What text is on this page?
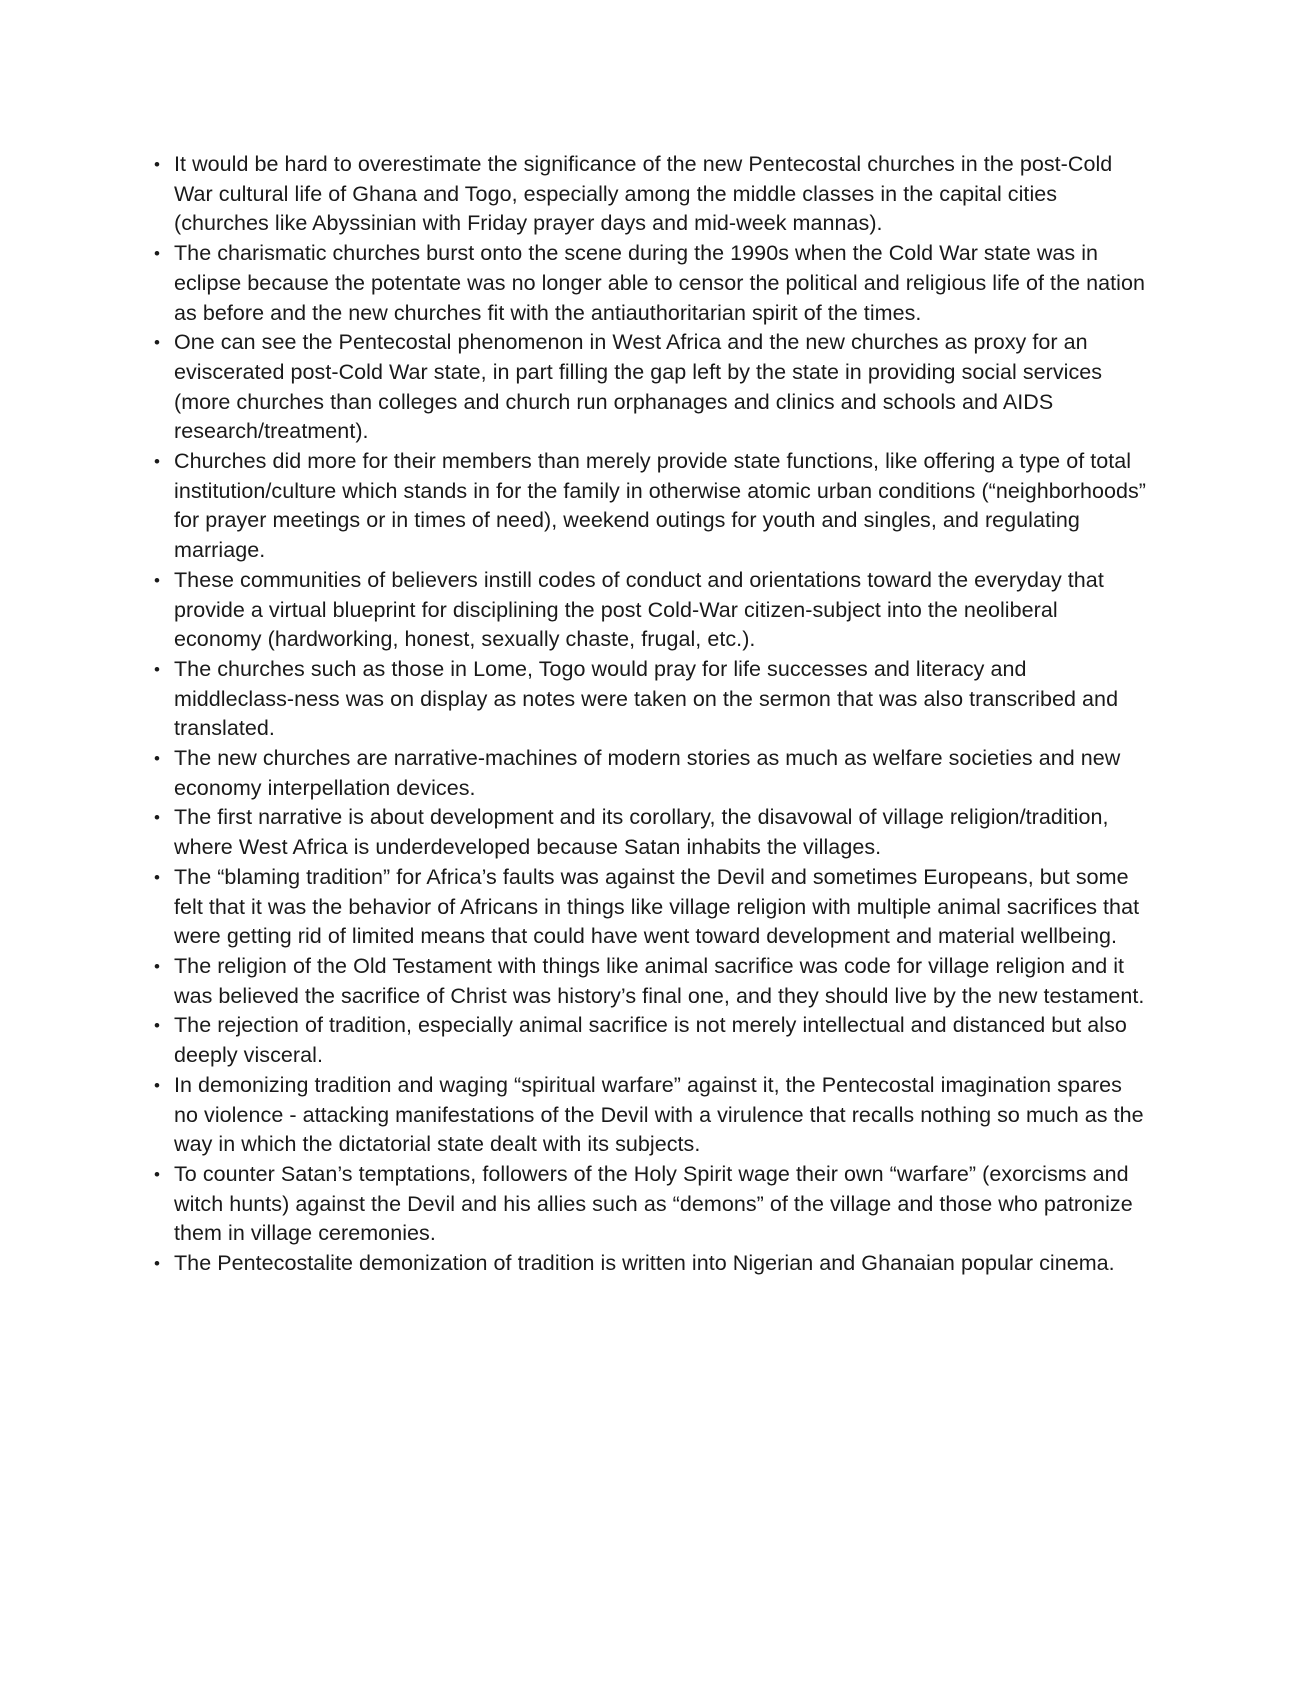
• It would be hard to overestimate the significance of the new Pentecostal churches in the post-Cold War cultural life of Ghana and Togo, especially among the middle classes in the capital cities (churches like Abyssinian with Friday prayer days and mid-week mannas).
• The charismatic churches burst onto the scene during the 1990s when the Cold War state was in eclipse because the potentate was no longer able to censor the political and religious life of the nation as before and the new churches fit with the antiauthoritarian spirit of the times.
• One can see the Pentecostal phenomenon in West Africa and the new churches as proxy for an eviscerated post-Cold War state, in part filling the gap left by the state in providing social services (more churches than colleges and church run orphanages and clinics and schools and AIDS research/treatment).
• Churches did more for their members than merely provide state functions, like offering a type of total institution/culture which stands in for the family in otherwise atomic urban conditions (“neighborhoods” for prayer meetings or in times of need), weekend outings for youth and singles, and regulating marriage.
• These communities of believers instill codes of conduct and orientations toward the everyday that provide a virtual blueprint for disciplining the post Cold-War citizen-subject into the neoliberal economy (hardworking, honest, sexually chaste, frugal, etc.).
• The churches such as those in Lome, Togo would pray for life successes and literacy and middleclass-ness was on display as notes were taken on the sermon that was also transcribed and translated.
• The new churches are narrative-machines of modern stories as much as welfare societies and new economy interpellation devices.
• The first narrative is about development and its corollary, the disavowal of village religion/tradition, where West Africa is underdeveloped because Satan inhabits the villages.
• The “blaming tradition” for Africa’s faults was against the Devil and sometimes Europeans, but some felt that it was the behavior of Africans in things like village religion with multiple animal sacrifices that were getting rid of limited means that could have went toward development and material wellbeing.
• The religion of the Old Testament with things like animal sacrifice was code for village religion and it was believed the sacrifice of Christ was history’s final one, and they should live by the new testament.
• The rejection of tradition, especially animal sacrifice is not merely intellectual and distanced but also deeply visceral.
• In demonizing tradition and waging “spiritual warfare” against it, the Pentecostal imagination spares no violence - attacking manifestations of the Devil with a virulence that recalls nothing so much as the way in which the dictatorial state dealt with its subjects.
• To counter Satan’s temptations, followers of the Holy Spirit wage their own “warfare” (exorcisms and witch hunts) against the Devil and his allies such as “demons” of the village and those who patronize them in village ceremonies.
• The Pentecostalite demonization of tradition is written into Nigerian and Ghanaian popular cinema.
